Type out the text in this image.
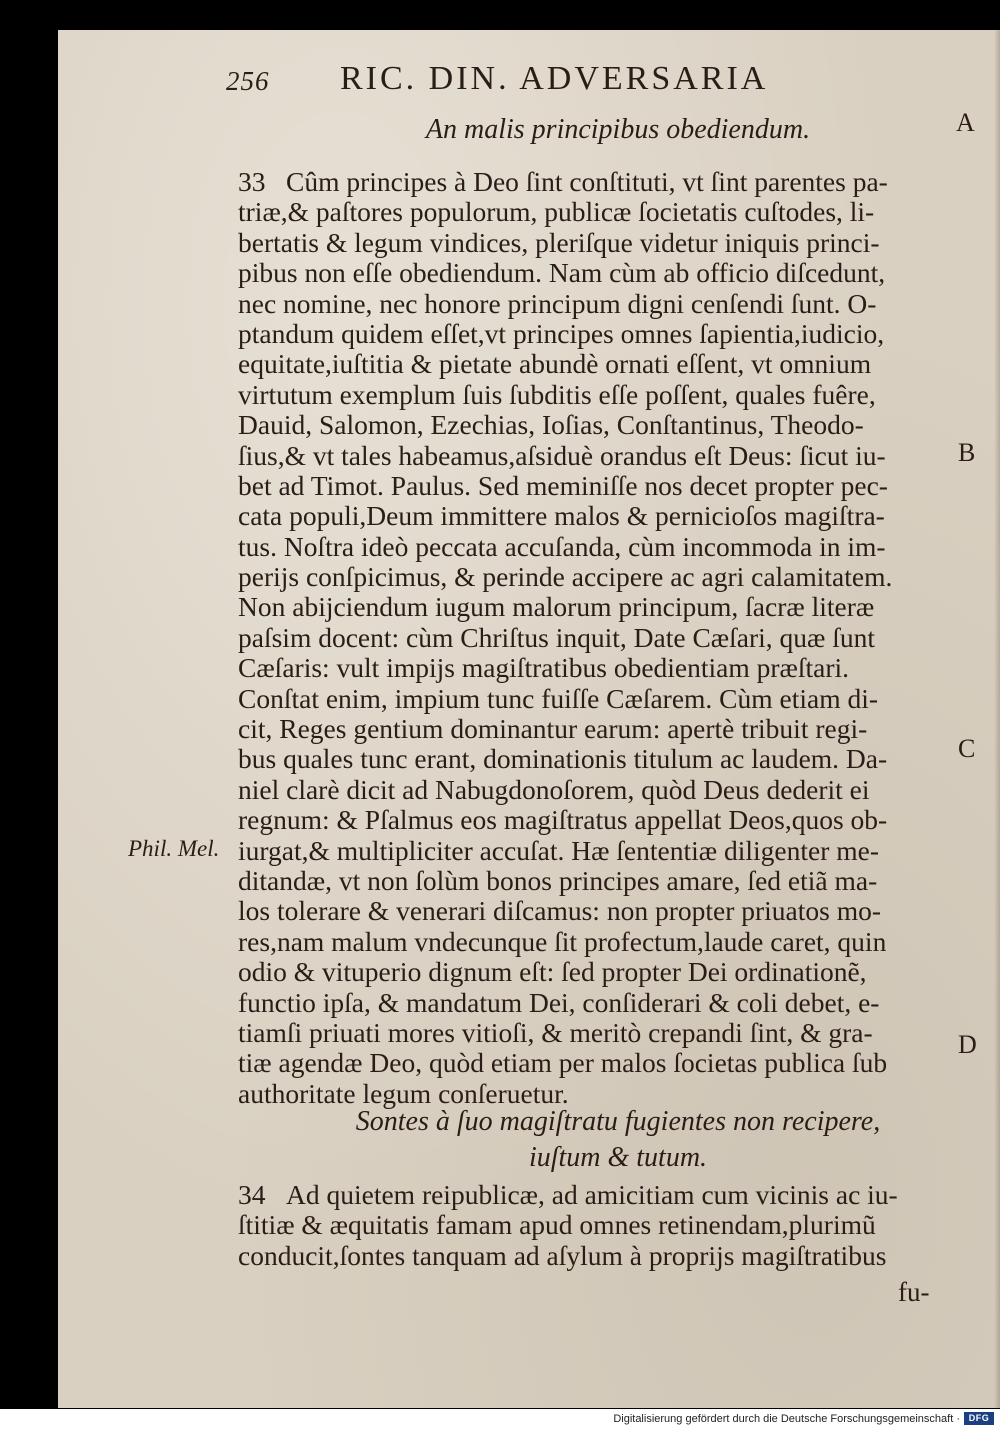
256 RIC. DIN. ADVERSARIA
A
An malis principibus obediendum.
33 Cûm principes à Deo ſint conſtituti, vt ſint parentes pa-
triæ,& paſtores populorum, publicæ ſocietatis cuſtodes, li-
bertatis & legum vindices, pleriſque videtur iniquis princi-
pibus non eſſe obediendum. Nam cùm ab officio diſcedunt,
nec nomine, nec honore principum digni cenſendi ſunt. O-
ptandum quidem eſſet,vt principes omnes ſapientia,iudicio,
equitate,iuſtitia & pietate abundè ornati eſſent, vt omnium
virtutum exemplum ſuis ſubditis eſſe poſſent, quales fuêre,
Dauid, Salomon, Ezechias, Ioſias, Conſtantinus, Theodo-
ſius,& vt tales habeamus,aſsiduè orandus eſt Deus: ſicut iu-
bet ad Timot. Paulus. Sed meminiſſe nos decet propter pec-
cata populi,Deum immittere malos & pernicioſos magiſtra-
tus. Noſtra ideò peccata accuſanda, cùm incommoda in im-
perijs conſpicimus, & perinde accipere ac agri calamitatem.
Non abijciendum iugum malorum principum, ſacræ literæ
paſsim docent: cùm Chriſtus inquit, Date Cæſari, quæ ſunt
Cæſaris: vult impijs magiſtratibus obedientiam præſtari.
Conſtat enim, impium tunc fuiſſe Cæſarem. Cùm etiam di-
cit, Reges gentium dominantur earum: apertè tribuit regi-
bus quales tunc erant, dominationis titulum ac laudem. Da-
niel clarè dicit ad Nabugdonoſorem, quòd Deus dederit ei
regnum: & Pſalmus eos magiſtratus appellat Deos,quos ob-
iurgat,& multipliciter accuſat. Hæ ſententiæ diligenter me-
ditandæ, vt non ſolùm bonos principes amare, ſed etiã ma-
los tolerare & venerari diſcamus: non propter priuatos mo-
res,nam malum vndecunque ſit profectum,laude caret, quin
odio & vituperio dignum eſt: ſed propter Dei ordinationẽ,
functio ipſa, & mandatum Dei, conſiderari & coli debet, e-
tiamſi priuati mores vitioſi, & meritò crepandi ſint, & gra-
tiæ agendæ Deo, quòd etiam per malos ſocietas publica ſub
authoritate legum conſeruetur.
B
C
D
Phil. Mel.
Sontes à ſuo magiſtratu fugientes non recipere,
iuſtum & tutum.
34 Ad quietem reipublicæ, ad amicitiam cum vicinis ac iu-
ſtitiæ & æquitatis famam apud omnes retinendam,plurimũ
conducit,ſontes tanquam ad aſylum à proprijs magiſtratibus
fu-
Digitalisierung gefördert durch die Deutsche Forschungsgemeinschaft · DFG
